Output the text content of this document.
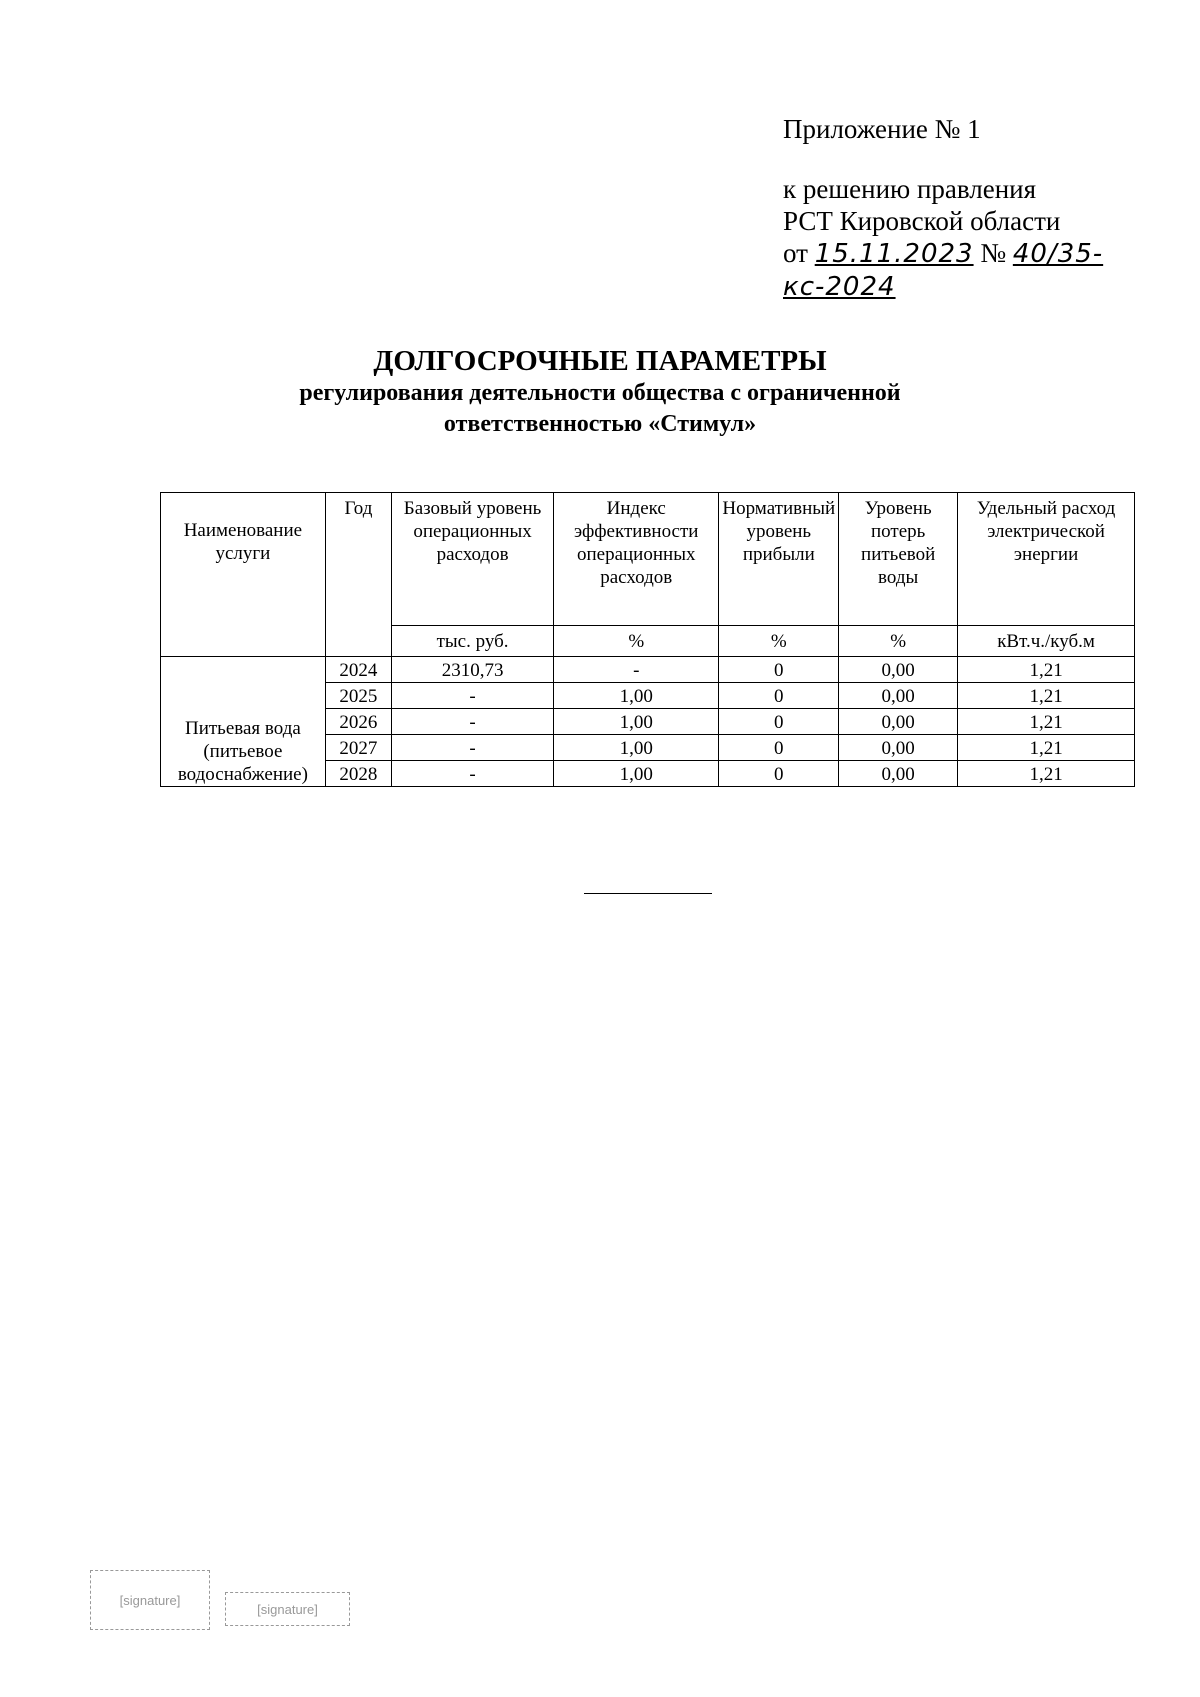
Приложение № 1
к решению правления
РСТ Кировской области
от 15.11.2023 № 40/35-кс-2024
ДОЛГОСРОЧНЫЕ ПАРАМЕТРЫ
регулирования деятельности общества с ограниченной
ответственностью «Стимул»
Наименование услуги	Год	Базовый уровень операционных расходов	Индекс эффективности операционных расходов	Нормативный уровень прибыли	Уровень потерь питьевой воды	Удельный расход электрической энергии
		тыс. руб.	%	%	%	кВт.ч./куб.м
Питьевая вода (питьевое водоснабжение)	2024	2310,73	-	0	0,00	1,21
	2025	-	1,00	0	0,00	1,21
	2026	-	1,00	0	0,00	1,21
	2027	-	1,00	0	0,00	1,21
	2028	-	1,00	0	0,00	1,21
[signature]
[signature]
